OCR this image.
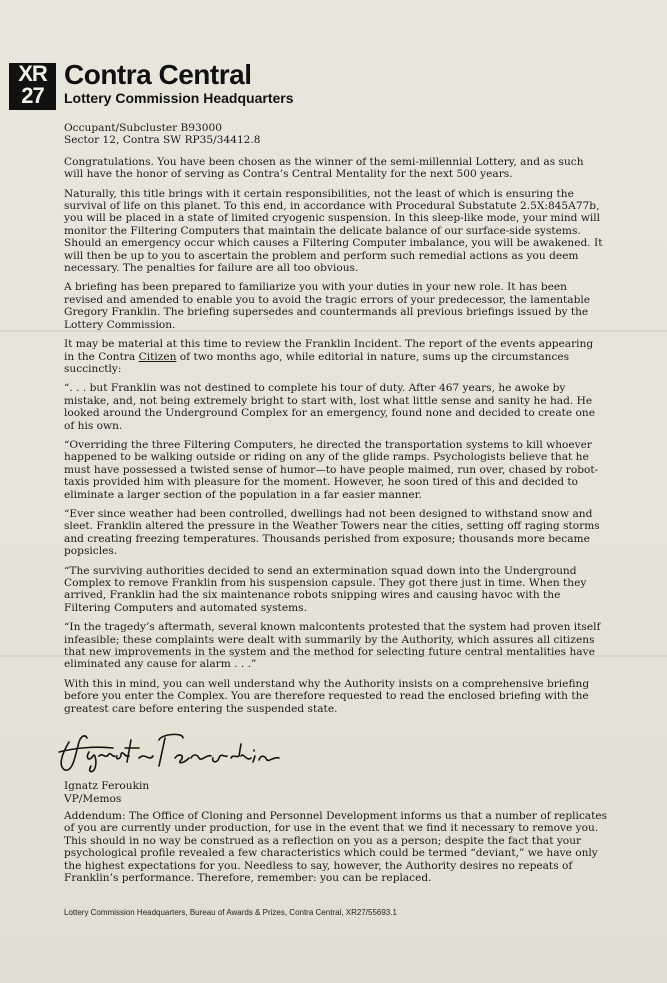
XR
27
Contra Central
Lottery Commission Headquarters

Occupant/Subcluster B93000
Sector 12, Contra SW RP35/34412.8

Congratulations. You have been chosen as the winner of the semi-millennial Lottery, and as such will have the honor of serving as Contra’s Central Mentality for the next 500 years.

Naturally, this title brings with it certain responsibilities, not the least of which is ensuring the survival of life on this planet. To this end, in accordance with Procedural Substatute 2.5X:845A77b, you will be placed in a state of limited cryogenic suspension. In this sleep-like mode, your mind will monitor the Filtering Computers that maintain the delicate balance of our surface-side systems. Should an emergency occur which causes a Filtering Computer imbalance, you will be awakened. It will then be up to you to ascertain the problem and perform such remedial actions as you deem necessary. The penalties for failure are all too obvious.

A briefing has been prepared to familiarize you with your duties in your new role. It has been revised and amended to enable you to avoid the tragic errors of your predecessor, the lamentable Gregory Franklin. The briefing supersedes and countermands all previous briefings issued by the Lottery Commission.

It may be material at this time to review the Franklin Incident. The report of the events appearing in the Contra Citizen of two months ago, while editorial in nature, sums up the circumstances succinctly:

“. . . but Franklin was not destined to complete his tour of duty. After 467 years, he awoke by mistake, and, not being extremely bright to start with, lost what little sense and sanity he had. He looked around the Underground Complex for an emergency, found none and decided to create one of his own.

“Overriding the three Filtering Computers, he directed the transportation systems to kill whoever happened to be walking outside or riding on any of the glide ramps. Psychologists believe that he must have possessed a twisted sense of humor—to have people maimed, run over, chased by robot-taxis provided him with pleasure for the moment. However, he soon tired of this and decided to eliminate a larger section of the population in a far easier manner.

“Ever since weather had been controlled, dwellings had not been designed to withstand snow and sleet. Franklin altered the pressure in the Weather Towers near the cities, setting off raging storms and creating freezing temperatures. Thousands perished from exposure; thousands more became popsicles.

“The surviving authorities decided to send an extermination squad down into the Underground Complex to remove Franklin from his suspension capsule. They got there just in time. When they arrived, Franklin had the six maintenance robots snipping wires and causing havoc with the Filtering Computers and automated systems.

“In the tragedy’s aftermath, several known malcontents protested that the system had proven itself infeasible; these complaints were dealt with summarily by the Authority, which assures all citizens that new improvements in the system and the method for selecting future central mentalities have eliminated any cause for alarm . . .”

With this in mind, you can well understand why the Authority insists on a comprehensive briefing before you enter the Complex. You are therefore requested to read the enclosed briefing with the greatest care before entering the suspended state.

Ignatz Feroukin
VP/Memos

Addendum: The Office of Cloning and Personnel Development informs us that a number of replicates of you are currently under production, for use in the event that we find it necessary to remove you. This should in no way be construed as a reflection on you as a person; despite the fact that your psychological profile revealed a few characteristics which could be termed “deviant,” we have only the highest expectations for you. Needless to say, however, the Authority desires no repeats of Franklin’s performance. Therefore, remember: you can be replaced.

Lottery Commission Headquarters, Bureau of Awards & Prizes, Contra Central, XR27/55693.1
